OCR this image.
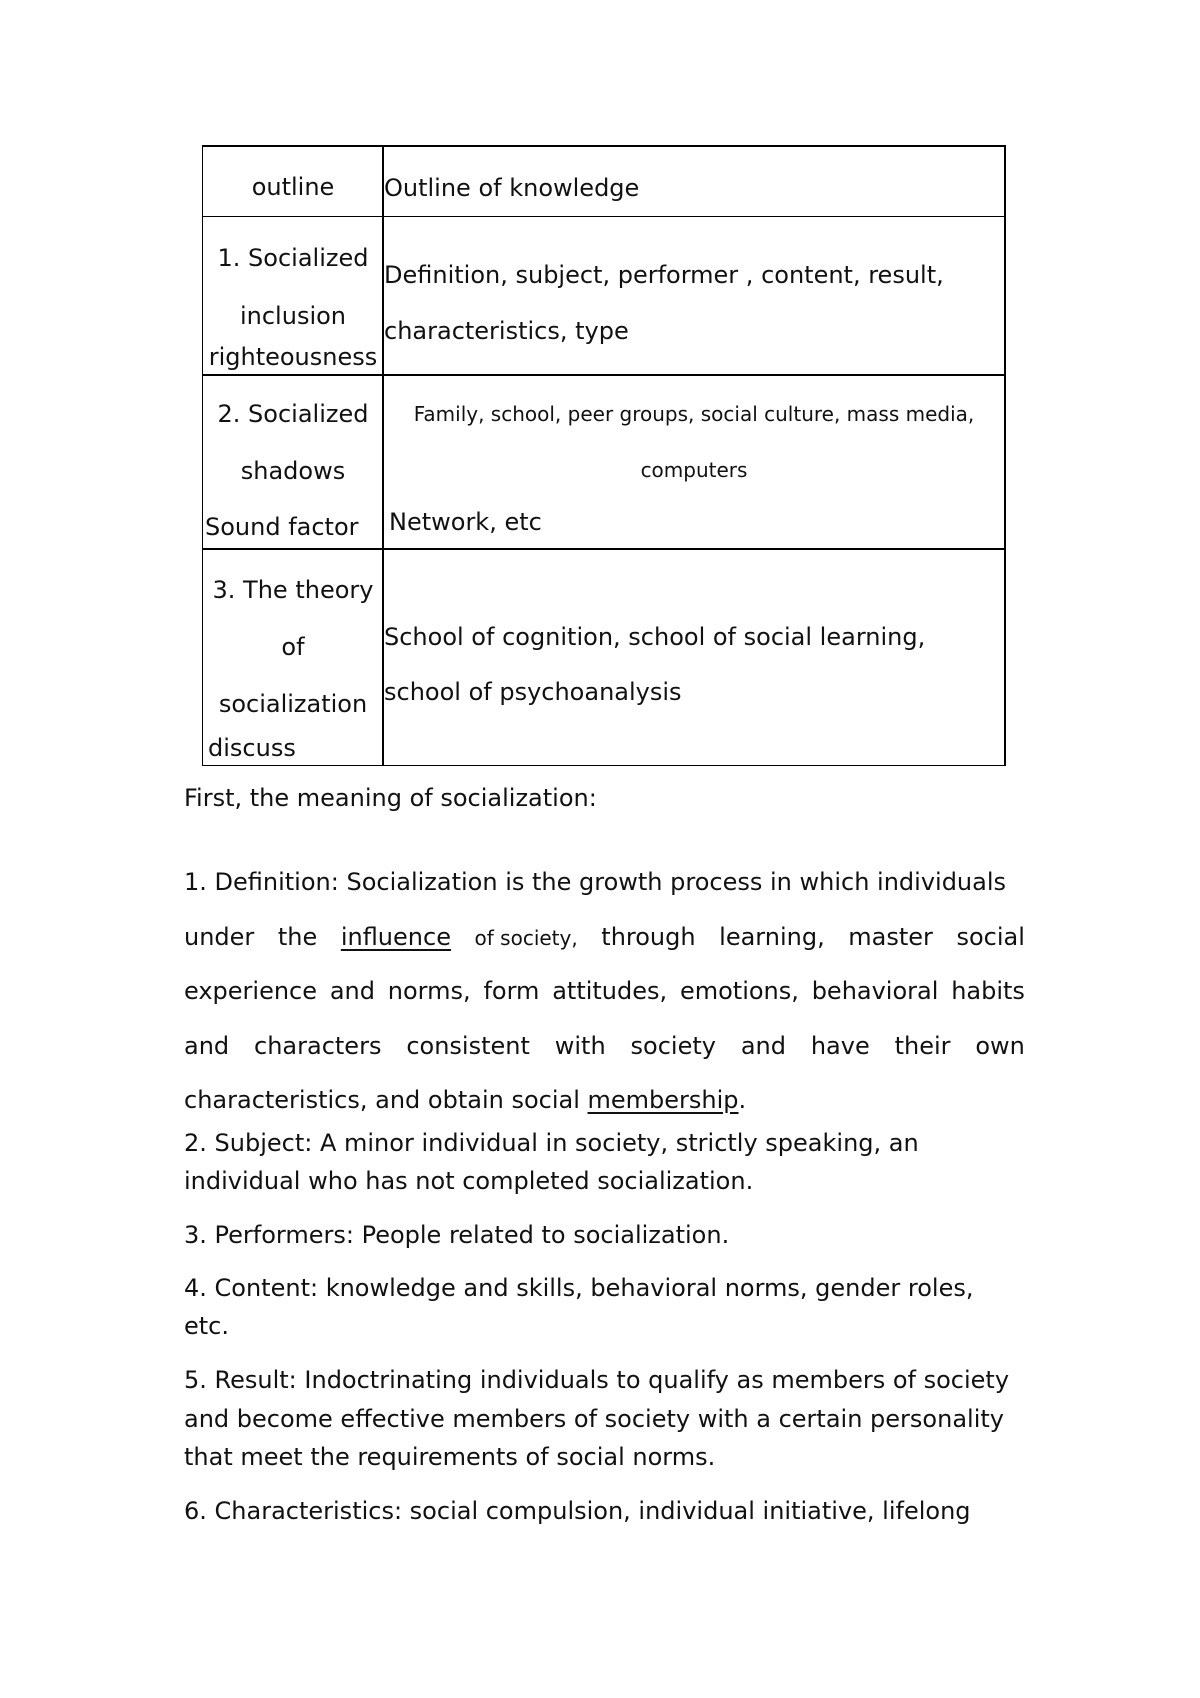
outline	Outline of knowledge
1. Socialized
inclusion
righteousness
Definition, subject, performer , content, result,
characteristics, type
2. Socialized
shadows
Sound factor
Family, school, peer groups, social culture, mass media,
computers
Network, etc
3. The theory
of
socialization
discuss
School of cognition, school of social learning,
school of psychoanalysis
First, the meaning of socialization:
1. Definition: Socialization is the growth process in which individuals
under the influence of society, through learning, master social
experience and norms, form attitudes, emotions, behavioral habits
and characters consistent with society and have their own
characteristics, and obtain social membership.
2. Subject: A minor individual in society, strictly speaking, an
individual who has not completed socialization.
3. Performers: People related to socialization.
4. Content: knowledge and skills, behavioral norms, gender roles,
etc.
5. Result: Indoctrinating individuals to qualify as members of society
and become effective members of society with a certain personality
that meet the requirements of social norms.
6. Characteristics: social compulsion, individual initiative, lifelong
